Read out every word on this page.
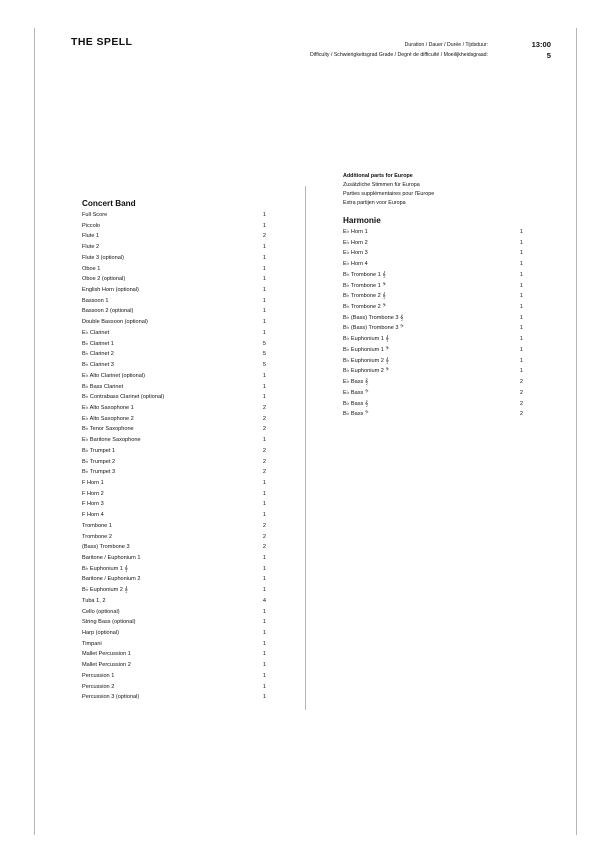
THE SPELL	Duration / Dauer / Durée / Tijdsduur:
Difficulty / Schwierigkeitsgrad Grade / Degré de difficulté / Moeilijkheidsgraad:
13:00
5
Concert Band
Full Score	1
Piccolo	1
Flute 1	2
Flute 2	1
Flute 3 (optional)	1
Oboe 1	1
Oboe 2 (optional)	1
English Horn (optional)	1
Bassoon 1	1
Bassoon 2 (optional)	1
Double Bassoon (optional)	1
E♭ Clarinet	1
B♭ Clarinet 1	5
B♭ Clarinet 2	5
B♭ Clarinet 3	5
E♭ Alto Clarinet (optional)	1
B♭ Bass Clarinet	1
B♭ Contrabass Clarinet (optional)	1
E♭ Alto Saxophone 1	2
E♭ Alto Saxophone 2	2
B♭ Tenor Saxophone	2
E♭ Baritone Saxophone	1
B♭ Trumpet 1	2
B♭ Trumpet 2	2
B♭ Trumpet 3	2
F Horn 1	1
F Horn 2	1
F Horn 3	1
F Horn 4	1
Trombone 1	2
Trombone 2	2
(Bass) Trombone 3	2
Baritone / Euphonium 1	1
B♭ Euphonium 1 𝄞	1
Baritone / Euphonium 2	1
B♭ Euphonium 2 𝄞	1
Tuba 1, 2	4
Cello (optional)	1
String Bass (optional)	1
Harp (optional)	1
Timpani	1
Mallet Percussion 1	1
Mallet Percussion 2	1
Percussion 1	1
Percussion 2	1
Percussion 3 (optional)	1
Additional parts for Europe
Zusätzliche Stimmen für Europa
Parties supplémentaires pour l'Europe
Extra partijen voor Europa
Harmonie
E♭ Horn 1	1
E♭ Horn 2	1
E♭ Horn 3	1
E♭ Horn 4	1
B♭ Trombone 1 𝄞	1
B♭ Trombone 1 𝄢	1
B♭ Trombone 2 𝄞	1
B♭ Trombone 2 𝄢	1
B♭ (Bass) Trombone 3 𝄞	1
B♭ (Bass) Trombone 3 𝄢	1
B♭ Euphonium 1 𝄞	1
B♭ Euphonium 1 𝄢	1
B♭ Euphonium 2 𝄞	1
B♭ Euphonium 2 𝄢	1
E♭ Bass 𝄞	2
E♭ Bass 𝄢	2
B♭ Bass 𝄞	2
B♭ Bass 𝄢	2
